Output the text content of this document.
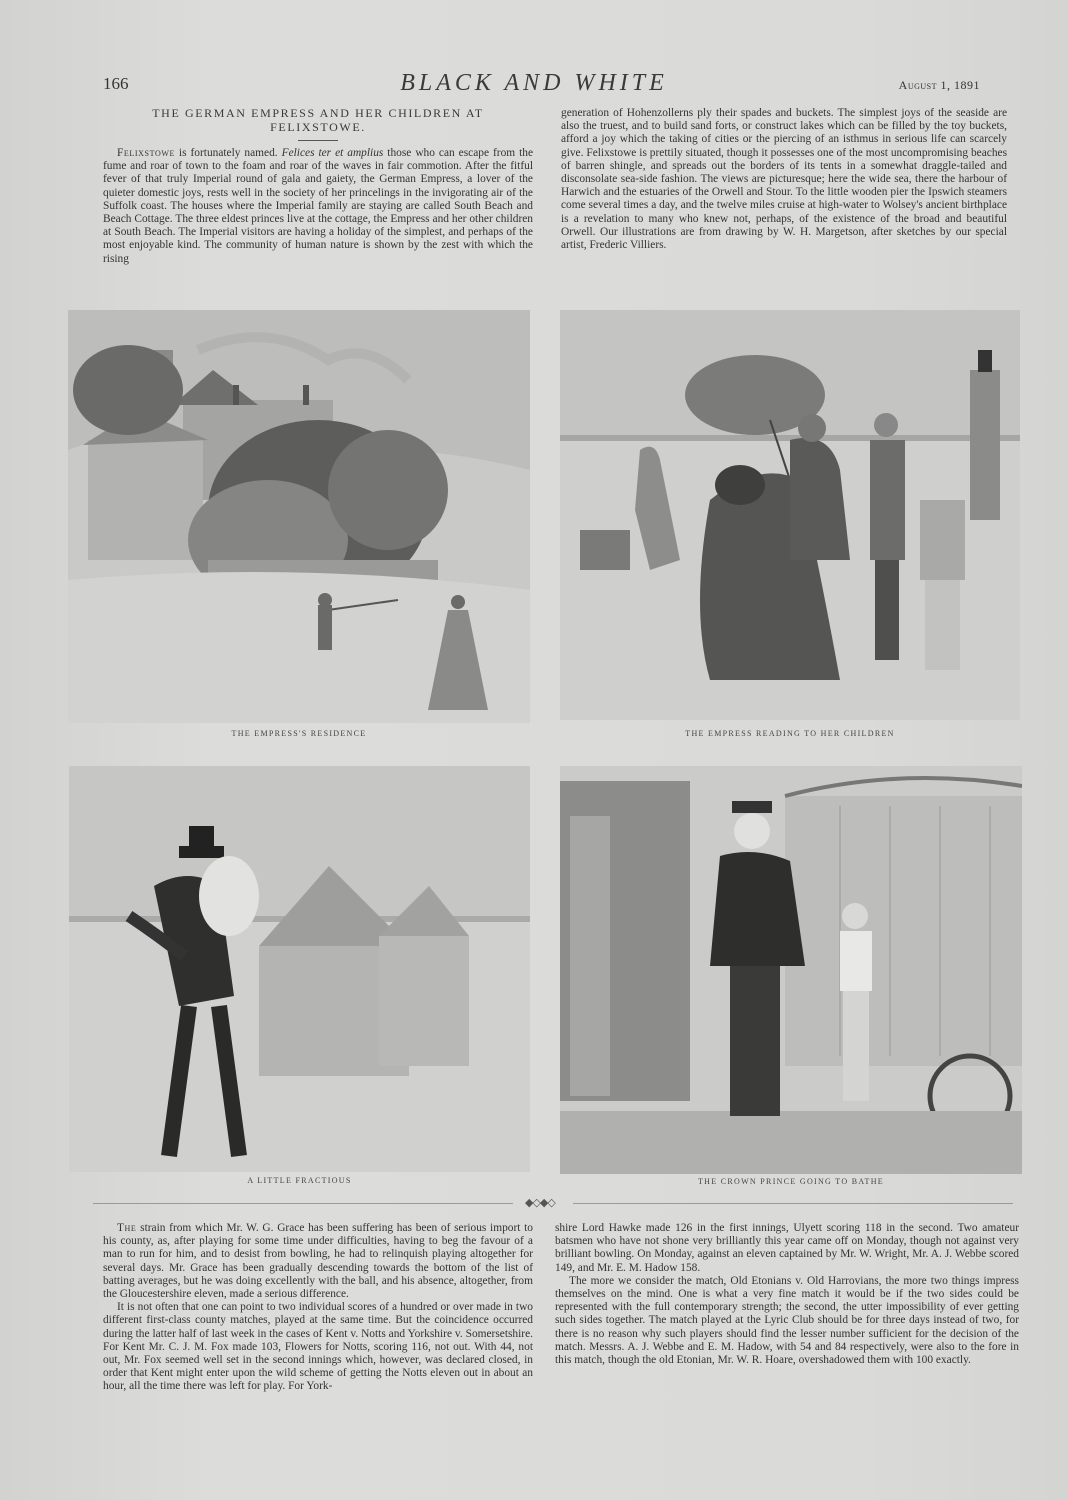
166	BLACK AND WHITE	August 1, 1891
THE GERMAN EMPRESS AND HER CHILDREN AT FELIXSTOWE.

Felixstowe is fortunately named. Felices ter et amplius those who can escape from the fume and roar of town to the foam and roar of the waves in fair commotion. After the fitful fever of that truly Imperial round of gala and gaiety, the German Empress, a lover of the quieter domestic joys, rests well in the society of her princelings in the invigorating air of the Suffolk coast. The houses where the Imperial family are staying are called South Beach and Beach Cottage. The three eldest princes live at the cottage, the Empress and her other children at South Beach. The Imperial visitors are having a holiday of the simplest, and perhaps of the most enjoyable kind. The community of human nature is shown by the zest with which the rising

generation of Hohenzollerns ply their spades and buckets. The simplest joys of the seaside are also the truest, and to build sand forts, or construct lakes which can be filled by the toy buckets, afford a joy which the taking of cities or the piercing of an isthmus in serious life can scarcely give. Felixstowe is prettily situated, though it possesses one of the most uncompromising beaches of barren shingle, and spreads out the borders of its tents in a somewhat draggle-tailed and disconsolate sea-side fashion. The views are picturesque; here the wide sea, there the harbour of Harwich and the estuaries of the Orwell and Stour. To the little wooden pier the Ipswich steamers come several times a day, and the twelve miles cruise at high-water to Wolsey's ancient birthplace is a revelation to many who knew not, perhaps, of the existence of the broad and beautiful Orwell. Our illustrations are from drawing by W. H. Margetson, after sketches by our special artist, Frederic Villiers.

THE EMPRESS'S RESIDENCE	THE EMPRESS READING TO HER CHILDREN
A LITTLE FRACTIOUS	THE CROWN PRINCE GOING TO BATHE
◆◇◆◇

The strain from which Mr. W. G. Grace has been suffering has been of serious import to his county, as, after playing for some time under difficulties, having to beg the favour of a man to run for him, and to desist from bowling, he had to relinquish playing altogether for several days. Mr. Grace has been gradually descending towards the bottom of the list of batting averages, but he was doing excellently with the ball, and his absence, altogether, from the Gloucestershire eleven, made a serious difference.

It is not often that one can point to two individual scores of a hundred or over made in two different first-class county matches, played at the same time. But the coincidence occurred during the latter half of last week in the cases of Kent v. Notts and Yorkshire v. Somersetshire. For Kent Mr. C. J. M. Fox made 103, Flowers for Notts, scoring 116, not out. With 44, not out, Mr. Fox seemed well set in the second innings which, however, was declared closed, in order that Kent might enter upon the wild scheme of getting the Notts eleven out in about an hour, all the time there was left for play. For York-

shire Lord Hawke made 126 in the first innings, Ulyett scoring 118 in the second. Two amateur batsmen who have not shone very brilliantly this year came off on Monday, though not against very brilliant bowling. On Monday, against an eleven captained by Mr. W. Wright, Mr. A. J. Webbe scored 149, and Mr. E. M. Hadow 158.

The more we consider the match, Old Etonians v. Old Harrovians, the more two things impress themselves on the mind. One is what a very fine match it would be if the two sides could be represented with the full contemporary strength; the second, the utter impossibility of ever getting such sides together. The match played at the Lyric Club should be for three days instead of two, for there is no reason why such players should find the lesser number sufficient for the decision of the match. Messrs. A. J. Webbe and E. M. Hadow, with 54 and 84 respectively, were also to the fore in this match, though the old Etonian, Mr. W. R. Hoare, overshadowed them with 100 exactly.
